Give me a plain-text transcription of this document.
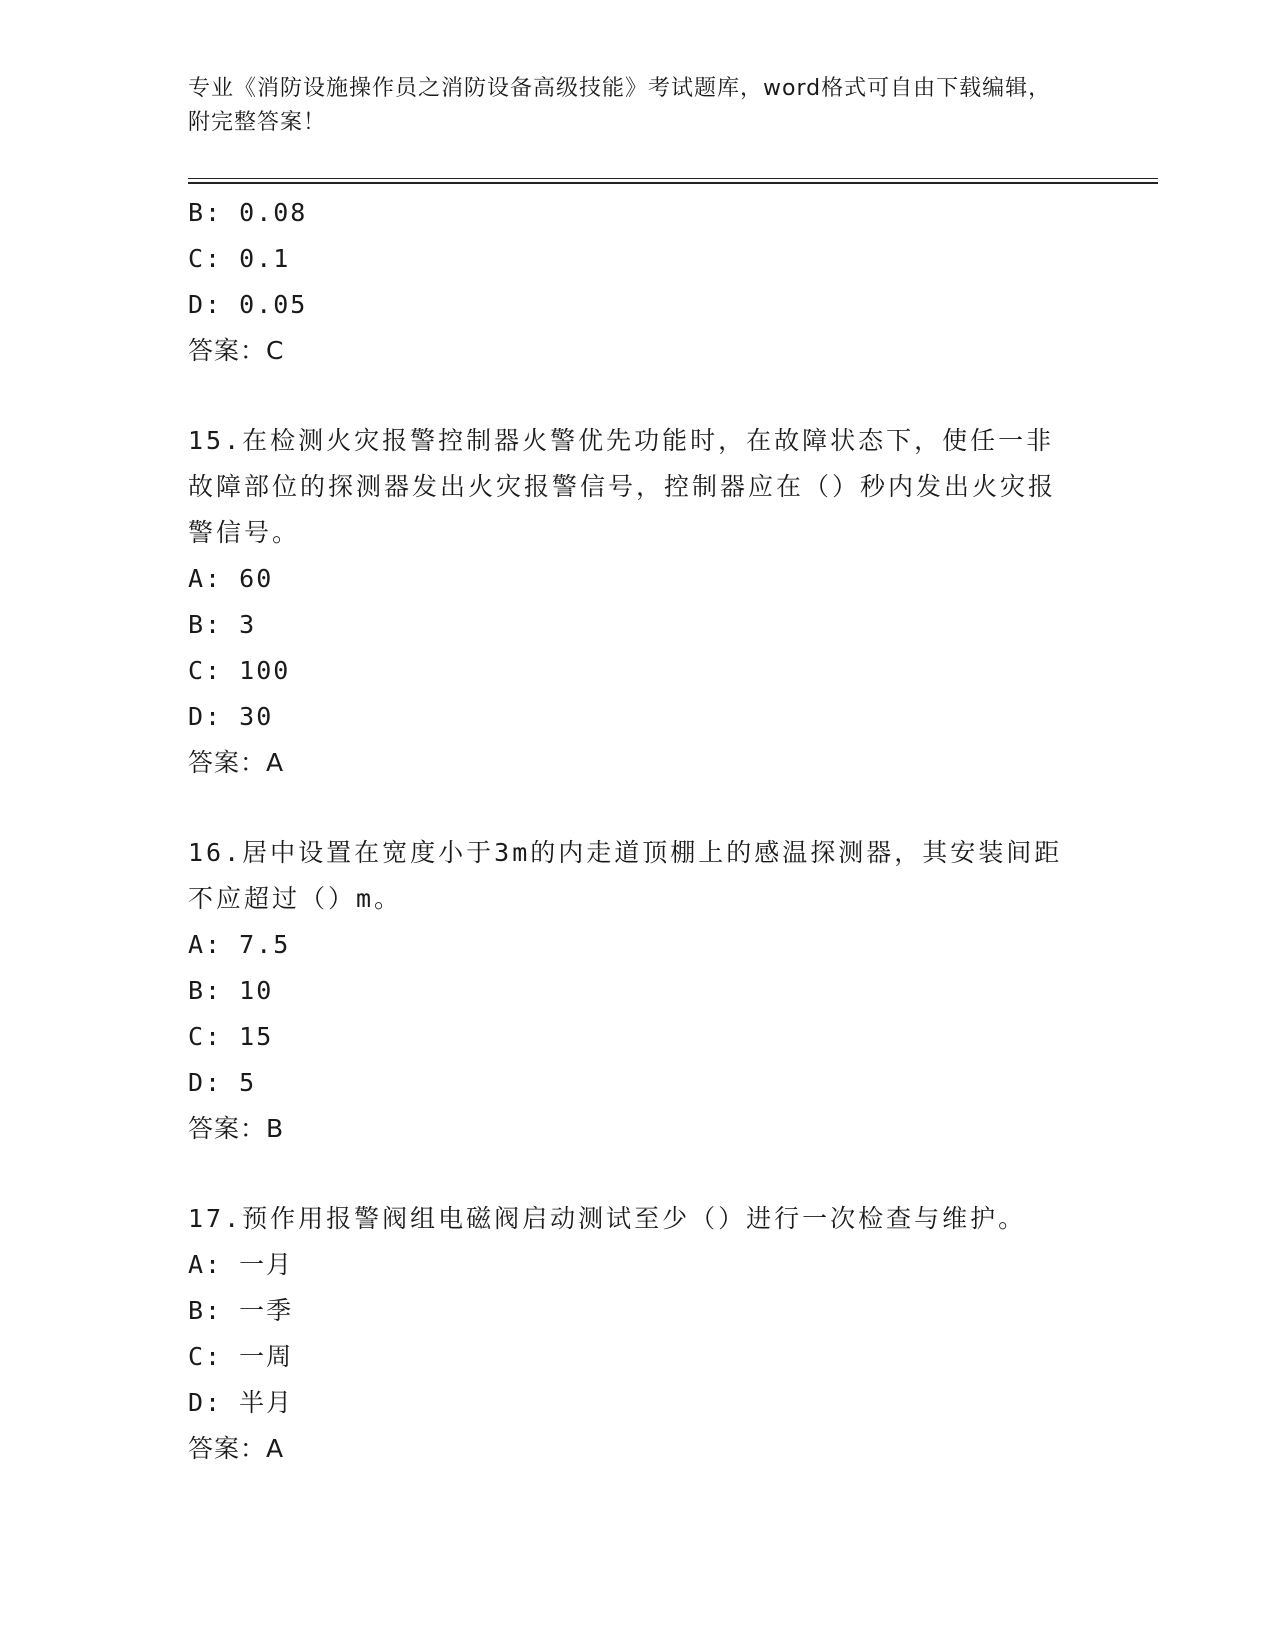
专业《消防设施操作员之消防设备高级技能》考试题库，word格式可自由下载编辑，附完整答案！
B: 0.08
C: 0.1
D: 0.05
答案：C
15.在检测火灾报警控制器火警优先功能时，在故障状态下，使任一非故障部位的探测器发出火灾报警信号，控制器应在（）秒内发出火灾报警信号。
A: 60
B: 3
C: 100
D: 30
答案：A
16.居中设置在宽度小于3m的内走道顶棚上的感温探测器，其安装间距不应超过（）m。
A: 7.5
B: 10
C: 15
D: 5
答案：B
17.预作用报警阀组电磁阀启动测试至少（）进行一次检查与维护。
A: 一月
B: 一季
C: 一周
D: 半月
答案：A
